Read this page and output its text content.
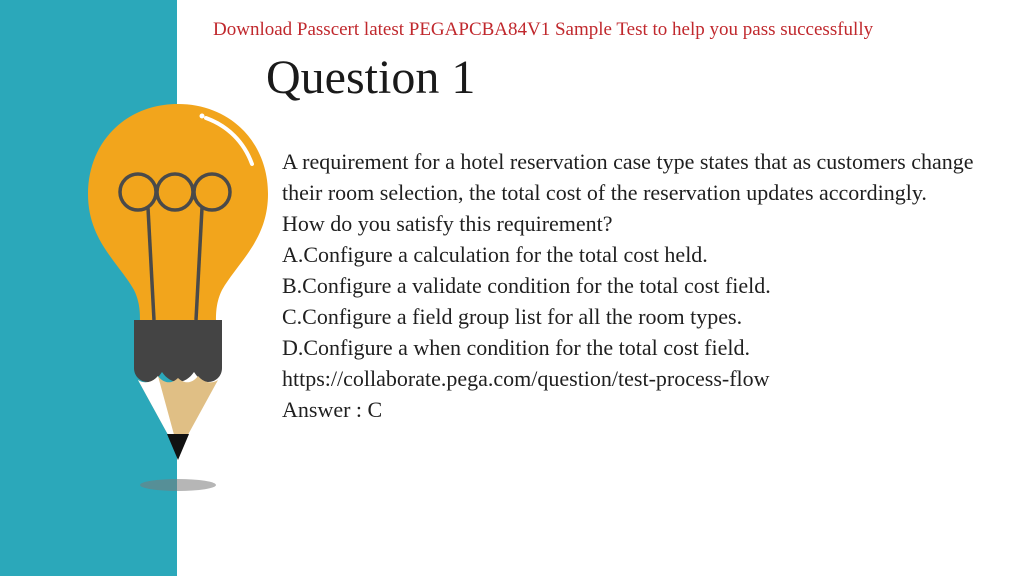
Download Passcert latest PEGAPCBA84V1 Sample Test to help you pass successfully
Question 1
A requirement for a hotel reservation case type states that as customers change their room selection, the total cost of the reservation updates accordingly.
How do you satisfy this requirement?
A.Configure a calculation for the total cost held.
B.Configure a validate condition for the total cost field.
C.Configure a field group list for all the room types.
D.Configure a when condition for the total cost field.
https://collaborate.pega.com/question/test-process-flow
Answer : C
